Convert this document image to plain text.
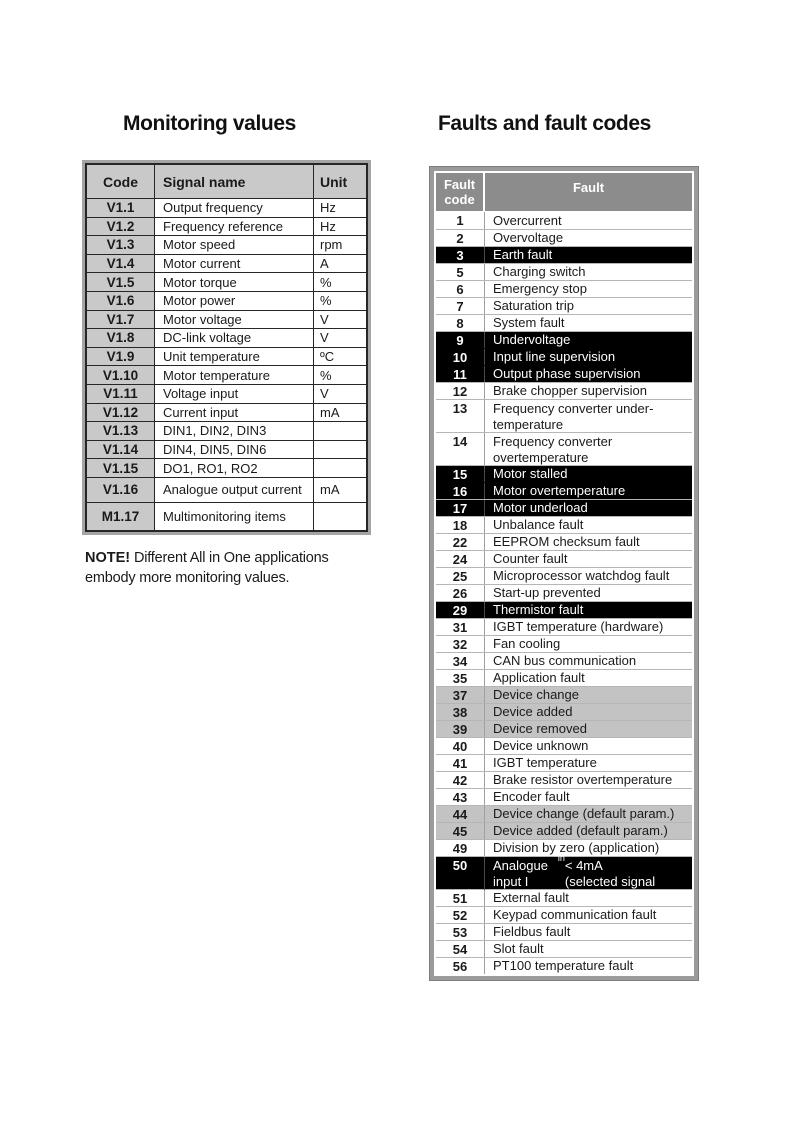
Monitoring values	Faults and fault codes
Code	Signal name	Unit
V1.1	Output frequency	Hz
V1.2	Frequency reference	Hz
V1.3	Motor speed	rpm
V1.4	Motor current	A
V1.5	Motor torque	%
V1.6	Motor power	%
V1.7	Motor voltage	V
V1.8	DC-link voltage	V
V1.9	Unit temperature	ºC
V1.10	Motor temperature	%
V1.11	Voltage input	V
V1.12	Current input	mA
V1.13	DIN1, DIN2, DIN3
V1.14	DIN4, DIN5, DIN6
V1.15	DO1, RO1, RO2
V1.16	Analogue output current	mA
M1.17	Multimonitoring items
NOTE! Different All in One applications embody more monitoring values.
Fault code
Fault
1	Overcurrent
2	Overvoltage
3	Earth fault
5	Charging switch
6	Emergency stop
7	Saturation trip
8	System fault
9	Undervoltage
10	Input line supervision
11	Output phase supervision
12	Brake chopper supervision
13	Frequency converter under-
temperature
14	Frequency converter
overtemperature
15	Motor stalled
16	Motor overtemperature
17	Motor underload
18	Unbalance fault
22	EEPROM checksum fault
24	Counter fault
25	Microprocessor watchdog fault
26	Start-up prevented
29	Thermistor fault
31	IGBT temperature (hardware)
32	Fan cooling
34	CAN bus communication
35	Application fault
37	Device change
38	Device added
39	Device removed
40	Device unknown
41	IGBT temperature
42	Brake resistor overtemperature
43	Encoder fault
44	Device change (default param.)
45	Device added (default param.)
49	Division by zero (application)
50	Analogue input I
in < 4mA
(selected signal range 4-20 mA)
51	External fault
52	Keypad communication fault
53	Fieldbus fault
54	Slot fault
56	PT100 temperature fault
